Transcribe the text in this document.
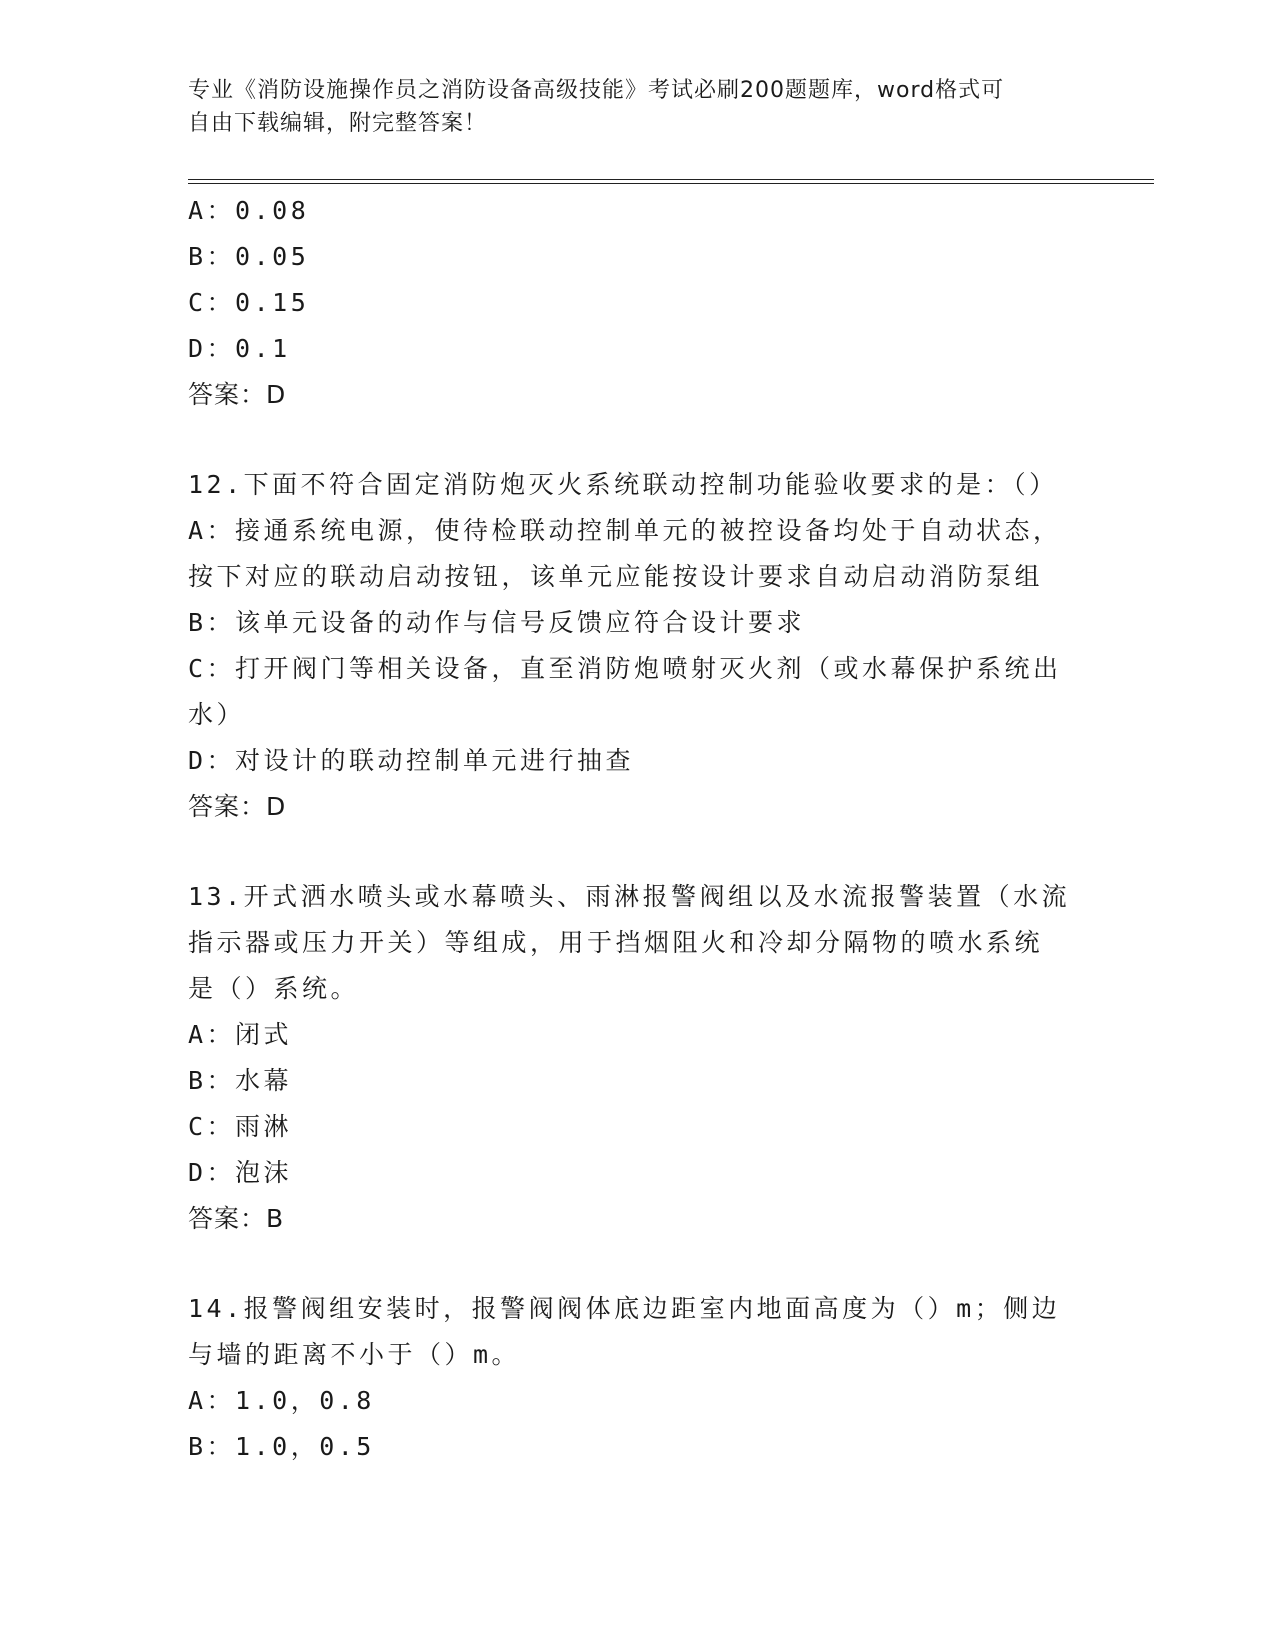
专业《消防设施操作员之消防设备高级技能》考试必刷200题题库，word格式可
自由下载编辑，附完整答案！

A：0.08

B：0.05

C：0.15

D：0.1

答案：D

12.下面不符合固定消防炮灭火系统联动控制功能验收要求的是：（）

A：接通系统电源，使待检联动控制单元的被控设备均处于自动状态，

按下对应的联动启动按钮，该单元应能按设计要求自动启动消防泵组

B：该单元设备的动作与信号反馈应符合设计要求

C：打开阀门等相关设备，直至消防炮喷射灭火剂（或水幕保护系统出

水）

D：对设计的联动控制单元进行抽查

答案：D

13.开式洒水喷头或水幕喷头、雨淋报警阀组以及水流报警装置（水流

指示器或压力开关）等组成，用于挡烟阻火和冷却分隔物的喷水系统

是（）系统。

A：闭式

B：水幕

C：雨淋

D：泡沫

答案：B

14.报警阀组安装时，报警阀阀体底边距室内地面高度为（）m；侧边

与墙的距离不小于（）m。

A：1.0，0.8

B：1.0，0.5
